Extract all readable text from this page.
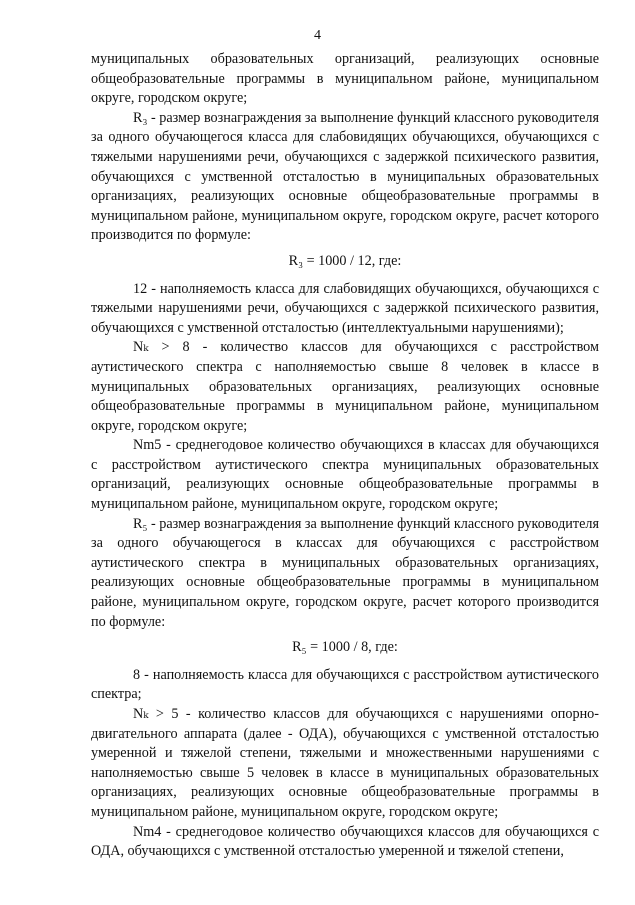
4

муниципальных образовательных организаций, реализующих основные общеобразовательные программы в муниципальном районе, муниципальном округе, городском округе;

R₃ - размер вознаграждения за выполнение функций классного руководителя за одного обучающегося класса для слабовидящих обучающихся, обучающихся с тяжелыми нарушениями речи, обучающихся с задержкой психического развития, обучающихся с умственной отсталостью в муниципальных образовательных организациях, реализующих основные общеобразовательные программы в муниципальном районе, муниципальном округе, городском округе, расчет которого производится по формуле:

R₃ = 1000 / 12, где:

12 - наполняемость класса для слабовидящих обучающихся, обучающихся с тяжелыми нарушениями речи, обучающихся с задержкой психического развития, обучающихся с умственной отсталостью (интеллектуальными нарушениями);

Nₖ > 8 - количество классов для обучающихся с расстройством аутистического спектра с наполняемостью свыше 8 человек в классе в муниципальных образовательных организациях, реализующих основные общеобразовательные программы в муниципальном районе, муниципальном округе, городском округе;

Nm5 - среднегодовое количество обучающихся в классах для обучающихся с расстройством аутистического спектра муниципальных образовательных организаций, реализующих основные общеобразовательные программы в муниципальном районе, муниципальном округе, городском округе;

R₅ - размер вознаграждения за выполнение функций классного руководителя за одного обучающегося в классах для обучающихся с расстройством аутистического спектра в муниципальных образовательных организациях, реализующих основные общеобразовательные программы в муниципальном районе, муниципальном округе, городском округе, расчет которого производится по формуле:

R₅ = 1000 / 8, где:

8 - наполняемость класса для обучающихся с расстройством аутистического спектра;

Nₖ > 5 - количество классов для обучающихся с нарушениями опорно-двигательного аппарата (далее - ОДА), обучающихся с умственной отсталостью умеренной и тяжелой степени, тяжелыми и множественными нарушениями с наполняемостью свыше 5 человек в классе в муниципальных образовательных организациях, реализующих основные общеобразовательные программы в муниципальном районе, муниципальном округе, городском округе;

Nm4 - среднегодовое количество обучающихся классов для обучающихся с ОДА, обучающихся с умственной отсталостью умеренной и тяжелой степени,
